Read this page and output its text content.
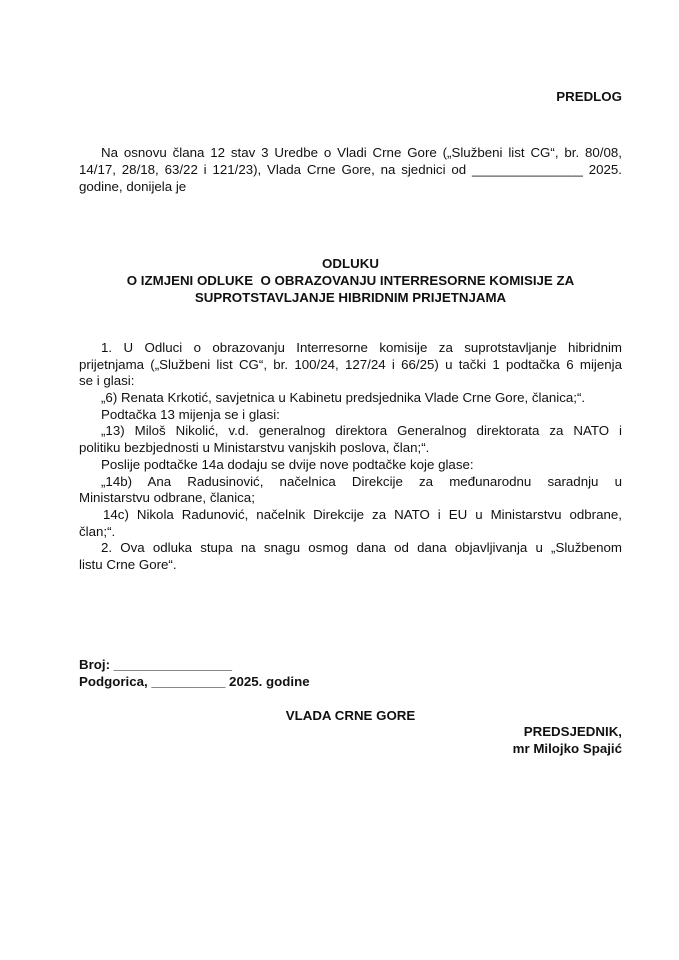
PREDLOG
Na osnovu člana 12 stav 3 Uredbe o Vladi Crne Gore („Službeni list CG“, br. 80/08,
14/17, 28/18, 63/22 i 121/23), Vlada Crne Gore, na sjednici od _______________ 2025.
godine, donijela je
ODLUKU
O IZMJENI ODLUKE  O OBRAZOVANJU INTERRESORNE KOMISIJE ZA
SUPROTSTAVLJANJE HIBRIDNIM PRIJETNJAMA
1. U Odluci o obrazovanju Interresorne komisije za suprotstavljanje hibridnim
prijetnjama („Službeni list CG“, br. 100/24, 127/24 i 66/25) u tački 1 podtačka 6 mijenja
se i glasi:
„6) Renata Krkotić, savjetnica u Kabinetu predsjednika Vlade Crne Gore, članica;“.
Podtačka 13 mijenja se i glasi:
„13) Miloš Nikolić, v.d. generalnog direktora Generalnog direktorata za NATO i
politiku bezbjednosti u Ministarstvu vanjskih poslova, član;“.
Poslije podtačke 14a dodaju se dvije nove podtačke koje glase:
„14b) Ana Radusinović, načelnica Direkcije za međunarodnu saradnju u
Ministarstvu odbrane, članica;
14c) Nikola Radunović, načelnik Direkcije za NATO i EU u Ministarstvu odbrane,
član;“.
2. Ova odluka stupa na snagu osmog dana od dana objavljivanja u „Službenom
listu Crne Gore“.
Broj: ________________
Podgorica, __________ 2025. godine
VLADA CRNE GORE
PREDSJEDNIK,
mr Milojko Spajić
